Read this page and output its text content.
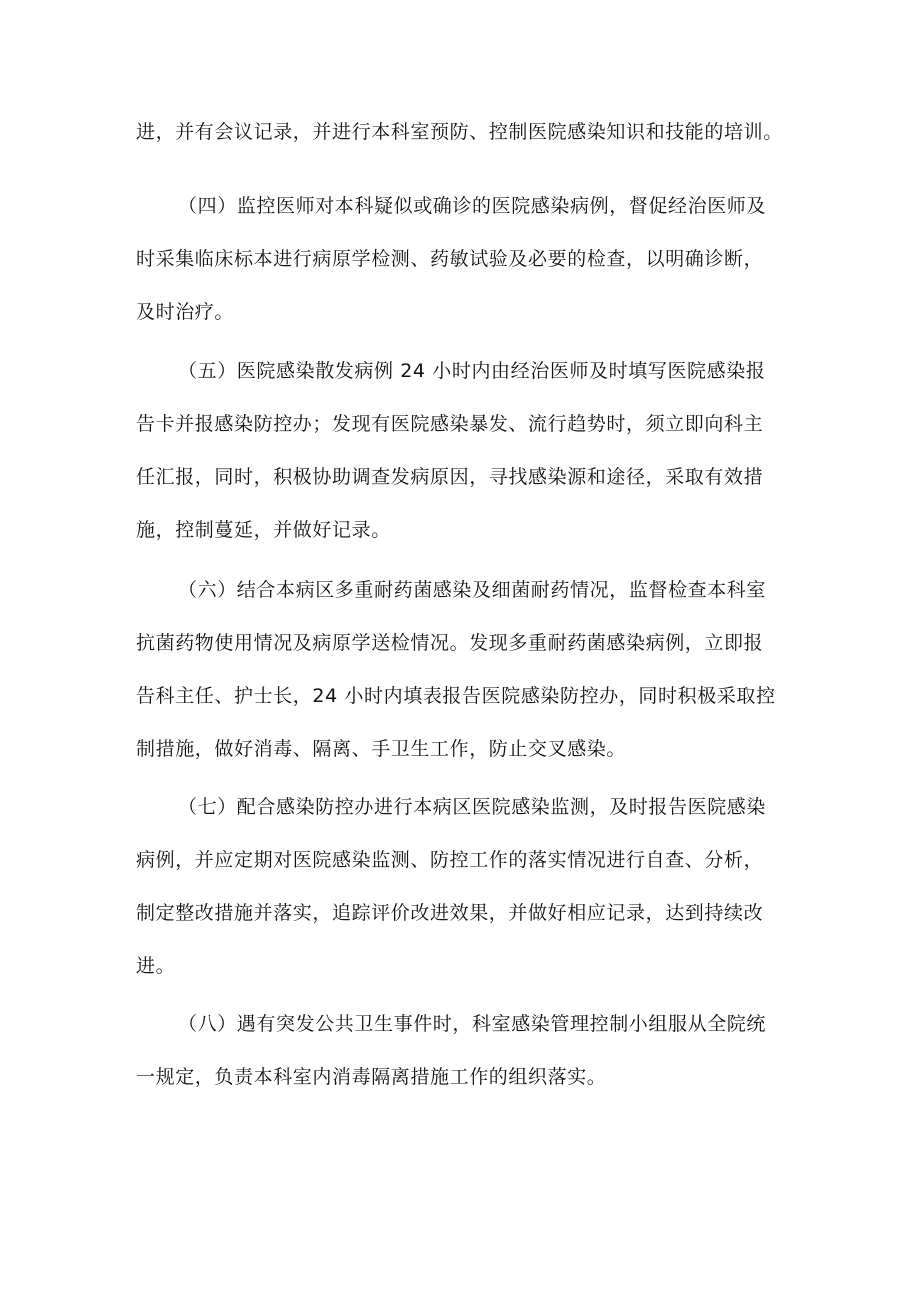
进，并有会议记录，并进行本科室预防、控制医院感染知识和技能的培训。
（四）监控医师对本科疑似或确诊的医院感染病例，督促经治医师及
时采集临床标本进行病原学检测、药敏试验及必要的检查，以明确诊断，
及时治疗。
（五）医院感染散发病例 24 小时内由经治医师及时填写医院感染报
告卡并报感染防控办；发现有医院感染暴发、流行趋势时，须立即向科主
任汇报，同时，积极协助调查发病原因，寻找感染源和途径，采取有效措
施，控制蔓延，并做好记录。
（六）结合本病区多重耐药菌感染及细菌耐药情况，监督检查本科室
抗菌药物使用情况及病原学送检情况。发现多重耐药菌感染病例，立即报
告科主任、护士长，24 小时内填表报告医院感染防控办，同时积极采取控
制措施，做好消毒、隔离、手卫生工作，防止交叉感染。
（七）配合感染防控办进行本病区医院感染监测，及时报告医院感染
病例，并应定期对医院感染监测、防控工作的落实情况进行自查、分析，
制定整改措施并落实，追踪评价改进效果，并做好相应记录，达到持续改
进。
（八）遇有突发公共卫生事件时，科室感染管理控制小组服从全院统
一规定，负责本科室内消毒隔离措施工作的组织落实。
